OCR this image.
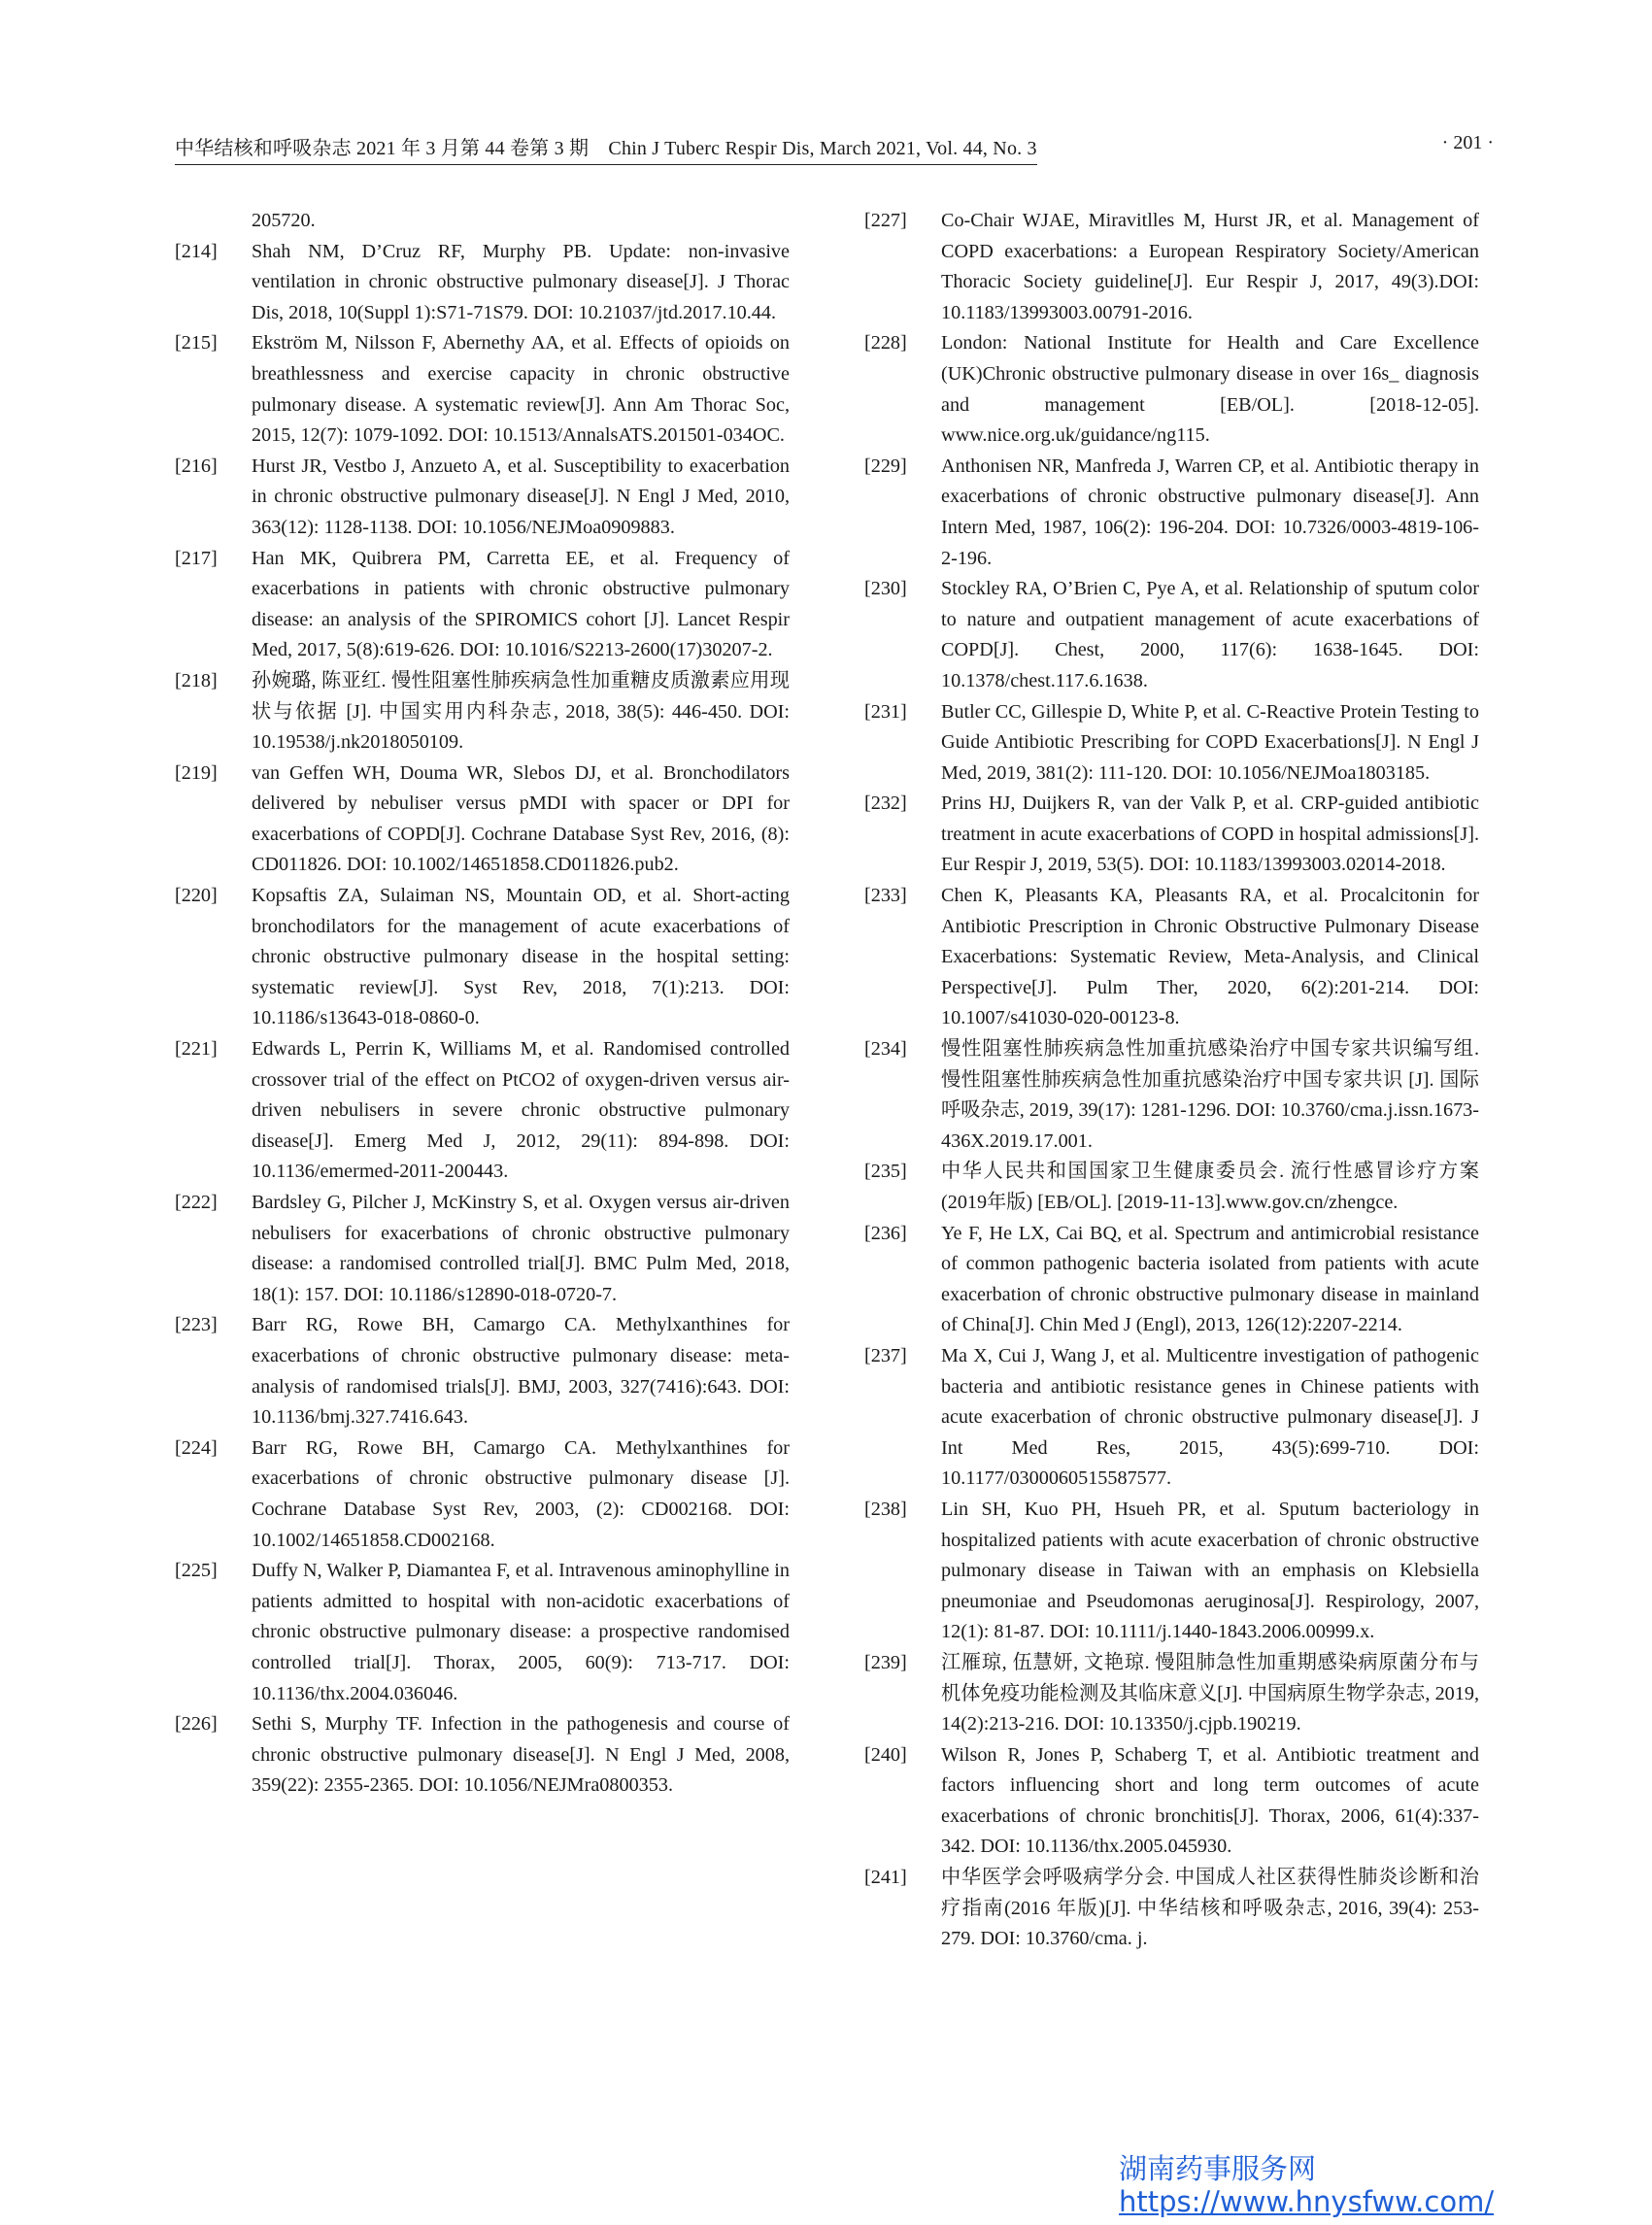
中华结核和呼吸杂志 2021 年 3 月第 44 卷第 3 期　Chin J Tuberc Respir Dis, March 2021, Vol. 44, No. 3	· 201 ·
205720.
[214] Shah NM, D’Cruz RF, Murphy PB. Update: non-invasive ventilation in chronic obstructive pulmonary disease[J]. J Thorac Dis, 2018, 10(Suppl 1):S71-71S79. DOI: 10.21037/jtd.2017.10.44.
[215] Ekström M, Nilsson F, Abernethy AA, et al. Effects of opioids on breathlessness and exercise capacity in chronic obstructive pulmonary disease. A systematic review[J]. Ann Am Thorac Soc, 2015, 12(7): 1079-1092. DOI: 10.1513/AnnalsATS.201501-034OC.
[216] Hurst JR, Vestbo J, Anzueto A, et al. Susceptibility to exacerbation in chronic obstructive pulmonary disease[J]. N Engl J Med, 2010, 363(12): 1128-1138. DOI: 10.1056/NEJMoa0909883.
[217] Han MK, Quibrera PM, Carretta EE, et al. Frequency of exacerbations in patients with chronic obstructive pulmonary disease: an analysis of the SPIROMICS cohort [J]. Lancet Respir Med, 2017, 5(8):619-626. DOI: 10.1016/S2213-2600(17)30207-2.
[218] 孙婉璐, 陈亚红. 慢性阻塞性肺疾病急性加重糖皮质激素应用现状与依据 [J]. 中国实用内科杂志, 2018, 38(5): 446-450. DOI: 10.19538/j.nk2018050109.
[219] van Geffen WH, Douma WR, Slebos DJ, et al. Bronchodilators delivered by nebuliser versus pMDI with spacer or DPI for exacerbations of COPD[J]. Cochrane Database Syst Rev, 2016, (8): CD011826. DOI: 10.1002/14651858.CD011826.pub2.
[220] Kopsaftis ZA, Sulaiman NS, Mountain OD, et al. Short-acting bronchodilators for the management of acute exacerbations of chronic obstructive pulmonary disease in the hospital setting: systematic review[J]. Syst Rev, 2018, 7(1):213. DOI: 10.1186/s13643-018-0860-0.
[221] Edwards L, Perrin K, Williams M, et al. Randomised controlled crossover trial of the effect on PtCO2 of oxygen-driven versus air-driven nebulisers in severe chronic obstructive pulmonary disease[J]. Emerg Med J, 2012, 29(11): 894-898. DOI: 10.1136/emermed-2011-200443.
[222] Bardsley G, Pilcher J, McKinstry S, et al. Oxygen versus air-driven nebulisers for exacerbations of chronic obstructive pulmonary disease: a randomised controlled trial[J]. BMC Pulm Med, 2018, 18(1): 157. DOI: 10.1186/s12890-018-0720-7.
[223] Barr RG, Rowe BH, Camargo CA. Methylxanthines for exacerbations of chronic obstructive pulmonary disease: meta-analysis of randomised trials[J]. BMJ, 2003, 327(7416):643. DOI: 10.1136/bmj.327.7416.643.
[224] Barr RG, Rowe BH, Camargo CA. Methylxanthines for exacerbations of chronic obstructive pulmonary disease [J]. Cochrane Database Syst Rev, 2003, (2): CD002168. DOI: 10.1002/14651858.CD002168.
[225] Duffy N, Walker P, Diamantea F, et al. Intravenous aminophylline in patients admitted to hospital with non-acidotic exacerbations of chronic obstructive pulmonary disease: a prospective randomised controlled trial[J]. Thorax, 2005, 60(9): 713-717. DOI: 10.1136/thx.2004.036046.
[226] Sethi S, Murphy TF. Infection in the pathogenesis and course of chronic obstructive pulmonary disease[J]. N Engl J Med, 2008, 359(22): 2355-2365. DOI: 10.1056/NEJMra0800353.
[227] Co-Chair WJAE, Miravitlles M, Hurst JR, et al. Management of COPD exacerbations: a European Respiratory Society/American Thoracic Society guideline[J]. Eur Respir J, 2017, 49(3).DOI: 10.1183/13993003.00791-2016.
[228] London: National Institute for Health and Care Excellence (UK)Chronic obstructive pulmonary disease in over 16s_ diagnosis and management [EB/OL]. [2018-12-05]. www.nice.org.uk/guidance/ng115.
[229] Anthonisen NR, Manfreda J, Warren CP, et al. Antibiotic therapy in exacerbations of chronic obstructive pulmonary disease[J]. Ann Intern Med, 1987, 106(2): 196-204. DOI: 10.7326/0003-4819-106-2-196.
[230] Stockley RA, O’Brien C, Pye A, et al. Relationship of sputum color to nature and outpatient management of acute exacerbations of COPD[J]. Chest, 2000, 117(6): 1638-1645. DOI: 10.1378/chest.117.6.1638.
[231] Butler CC, Gillespie D, White P, et al. C-Reactive Protein Testing to Guide Antibiotic Prescribing for COPD Exacerbations[J]. N Engl J Med, 2019, 381(2): 111-120. DOI: 10.1056/NEJMoa1803185.
[232] Prins HJ, Duijkers R, van der Valk P, et al. CRP-guided antibiotic treatment in acute exacerbations of COPD in hospital admissions[J]. Eur Respir J, 2019, 53(5). DOI: 10.1183/13993003.02014-2018.
[233] Chen K, Pleasants KA, Pleasants RA, et al. Procalcitonin for Antibiotic Prescription in Chronic Obstructive Pulmonary Disease Exacerbations: Systematic Review, Meta-Analysis, and Clinical Perspective[J]. Pulm Ther, 2020, 6(2):201-214. DOI: 10.1007/s41030-020-00123-8.
[234] 慢性阻塞性肺疾病急性加重抗感染治疗中国专家共识编写组. 慢性阻塞性肺疾病急性加重抗感染治疗中国专家共识 [J]. 国际呼吸杂志, 2019, 39(17): 1281-1296. DOI: 10.3760/cma.j.issn.1673-436X.2019.17.001.
[235] 中华人民共和国国家卫生健康委员会. 流行性感冒诊疗方案 (2019年版) [EB/OL]. [2019-11-13].www.gov.cn/zhengce.
[236] Ye F, He LX, Cai BQ, et al. Spectrum and antimicrobial resistance of common pathogenic bacteria isolated from patients with acute exacerbation of chronic obstructive pulmonary disease in mainland of China[J]. Chin Med J (Engl), 2013, 126(12):2207-2214.
[237] Ma X, Cui J, Wang J, et al. Multicentre investigation of pathogenic bacteria and antibiotic resistance genes in Chinese patients with acute exacerbation of chronic obstructive pulmonary disease[J]. J Int Med Res, 2015, 43(5):699-710. DOI: 10.1177/0300060515587577.
[238] Lin SH, Kuo PH, Hsueh PR, et al. Sputum bacteriology in hospitalized patients with acute exacerbation of chronic obstructive pulmonary disease in Taiwan with an emphasis on Klebsiella pneumoniae and Pseudomonas aeruginosa[J]. Respirology, 2007, 12(1): 81-87. DOI: 10.1111/j.1440-1843.2006.00999.x.
[239] 江雁琼, 伍慧妍, 文艳琼. 慢阻肺急性加重期感染病原菌分布与机体免疫功能检测及其临床意义[J]. 中国病原生物学杂志, 2019, 14(2):213-216. DOI: 10.13350/j.cjpb.190219.
[240] Wilson R, Jones P, Schaberg T, et al. Antibiotic treatment and factors influencing short and long term outcomes of acute exacerbations of chronic bronchitis[J]. Thorax, 2006, 61(4):337-342. DOI: 10.1136/thx.2005.045930.
[241] 中华医学会呼吸病学分会. 中国成人社区获得性肺炎诊断和治疗指南(2016 年版)[J]. 中华结核和呼吸杂志, 2016, 39(4): 253-279. DOI: 10.3760/cma. j.
湖南药事服务网
https://www.hnysfww.com/
